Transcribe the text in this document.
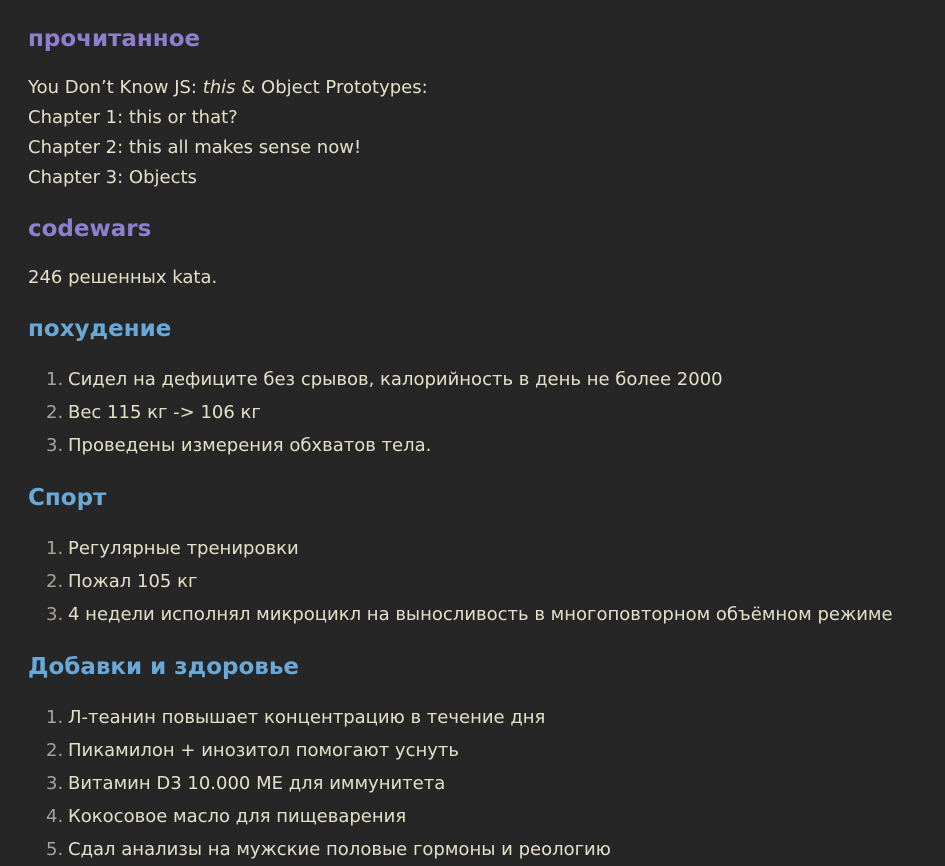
прочитанное
You Don’t Know JS: this & Object Prototypes:
Chapter 1: this or that?
Chapter 2: this all makes sense now!
Chapter 3: Objects
codewars
246 решенных kata.
похудение
1. Сидел на дефиците без срывов, калорийность в день не более 2000
2. Вес 115 кг -> 106 кг
3. Проведены измерения обхватов тела.
Спорт
1. Регулярные тренировки
2. Пожал 105 кг
3. 4 недели исполнял микроцикл на выносливость в многоповторном объёмном режиме
Добавки и здоровье
1. Л-теанин повышает концентрацию в течение дня
2. Пикамилон + инозитол помогают уснуть
3. Витамин D3 10.000 МЕ для иммунитета
4. Кокосовое масло для пищеварения
5. Сдал анализы на мужские половые гормоны и реологию
